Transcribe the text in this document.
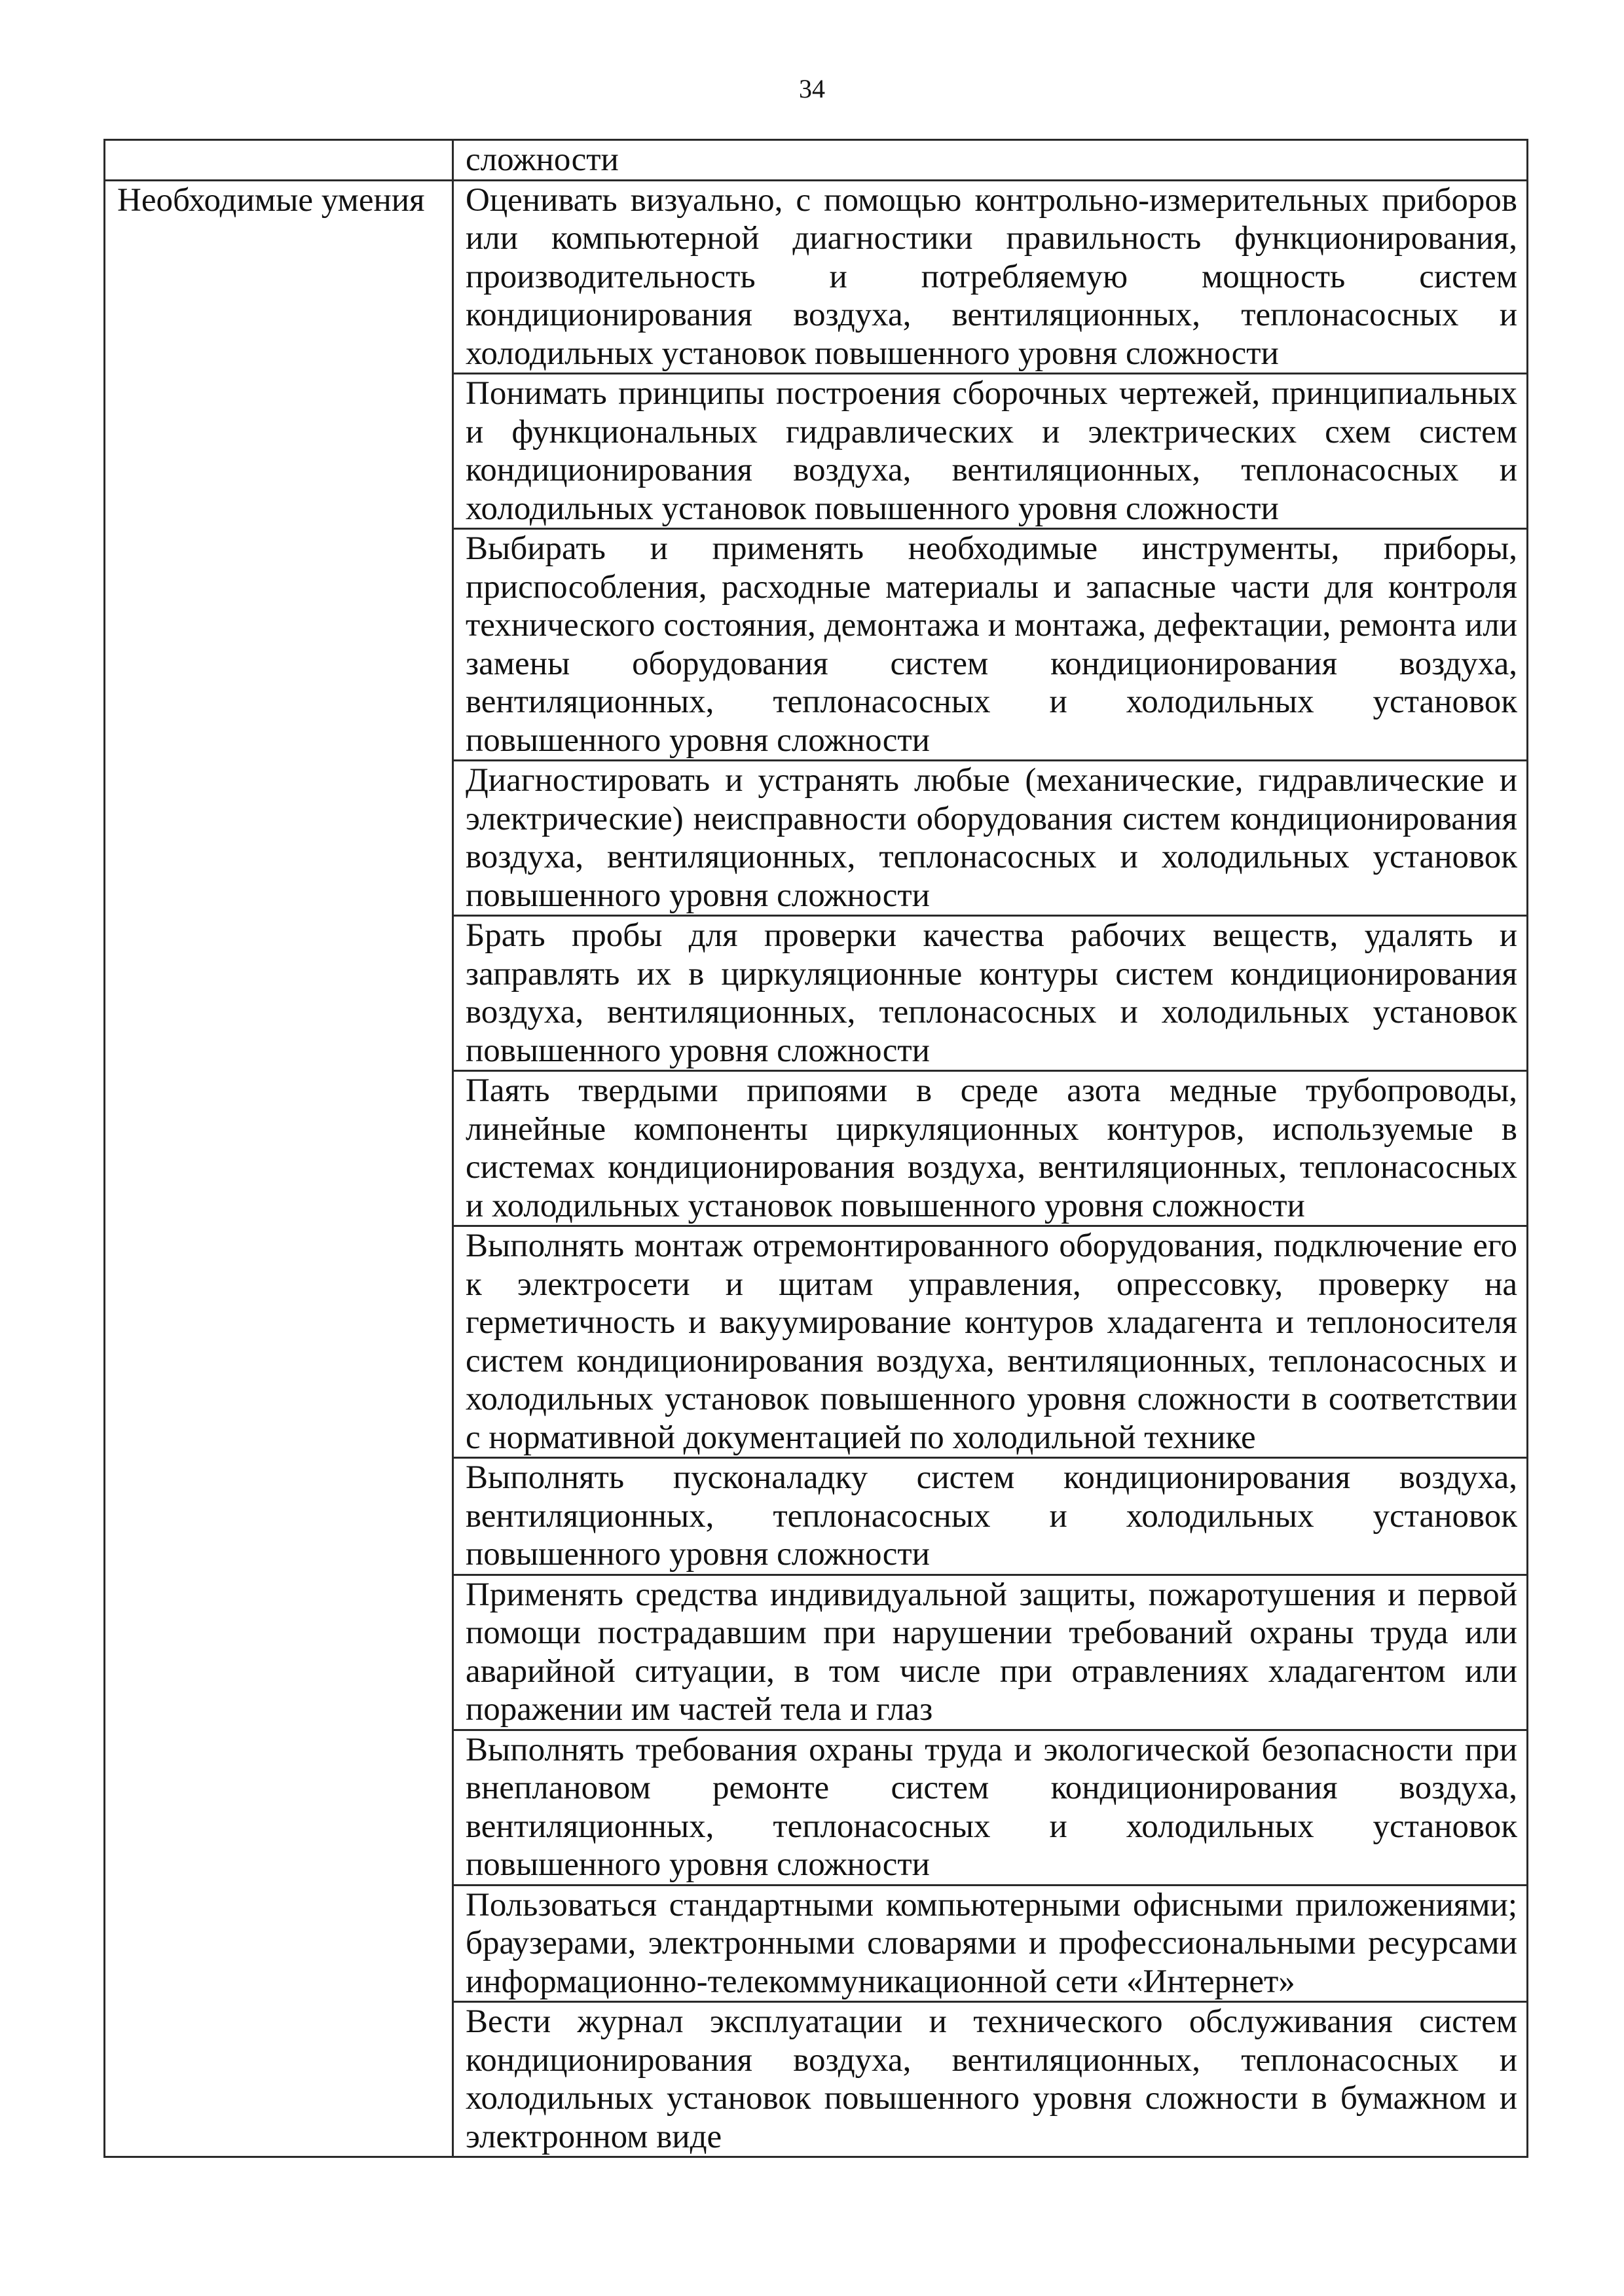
34
	сложности
Необходимые умения	Оценивать визуально, с помощью контрольно-измерительных приборов или компьютерной диагностики правильность функционирования, производительность и потребляемую мощность систем кондиционирования воздуха, вентиляционных, теплонасосных и холодильных установок повышенного уровня сложности
	Понимать принципы построения сборочных чертежей, принципиальных и функциональных гидравлических и электрических схем систем кондиционирования воздуха, вентиляционных, теплонасосных и холодильных установок повышенного уровня сложности
	Выбирать и применять необходимые инструменты, приборы, приспособления, расходные материалы и запасные части для контроля технического состояния, демонтажа и монтажа, дефектации, ремонта или замены оборудования систем кондиционирования воздуха, вентиляционных, теплонасосных и холодильных установок повышенного уровня сложности
	Диагностировать и устранять любые (механические, гидравлические и электрические) неисправности оборудования систем кондиционирования воздуха, вентиляционных, теплонасосных и холодильных установок повышенного уровня сложности
	Брать пробы для проверки качества рабочих веществ, удалять и заправлять их в циркуляционные контуры систем кондиционирования воздуха, вентиляционных, теплонасосных и холодильных установок повышенного уровня сложности
	Паять твердыми припоями в среде азота медные трубопроводы, линейные компоненты циркуляционных контуров, используемые в системах кондиционирования воздуха, вентиляционных, теплонасосных и холодильных установок повышенного уровня сложности
	Выполнять монтаж отремонтированного оборудования, подключение его к электросети и щитам управления, опрессовку, проверку на герметичность и вакуумирование контуров хладагента и теплоносителя систем кондиционирования воздуха, вентиляционных, теплонасосных и холодильных установок повышенного уровня сложности в соответствии с нормативной документацией по холодильной технике
	Выполнять пусконаладку систем кондиционирования воздуха, вентиляционных, теплонасосных и холодильных установок повышенного уровня сложности
	Применять средства индивидуальной защиты, пожаротушения и первой помощи пострадавшим при нарушении требований охраны труда или аварийной ситуации, в том числе при отравлениях хладагентом или поражении им частей тела и глаз
	Выполнять требования охраны труда и экологической безопасности при внеплановом ремонте систем кондиционирования воздуха, вентиляционных, теплонасосных и холодильных установок повышенного уровня сложности
	Пользоваться стандартными компьютерными офисными приложениями; браузерами, электронными словарями и профессиональными ресурсами информационно-телекоммуникационной сети «Интернет»
	Вести журнал эксплуатации и технического обслуживания систем кондиционирования воздуха, вентиляционных, теплонасосных и холодильных установок повышенного уровня сложности в бумажном и электронном виде
